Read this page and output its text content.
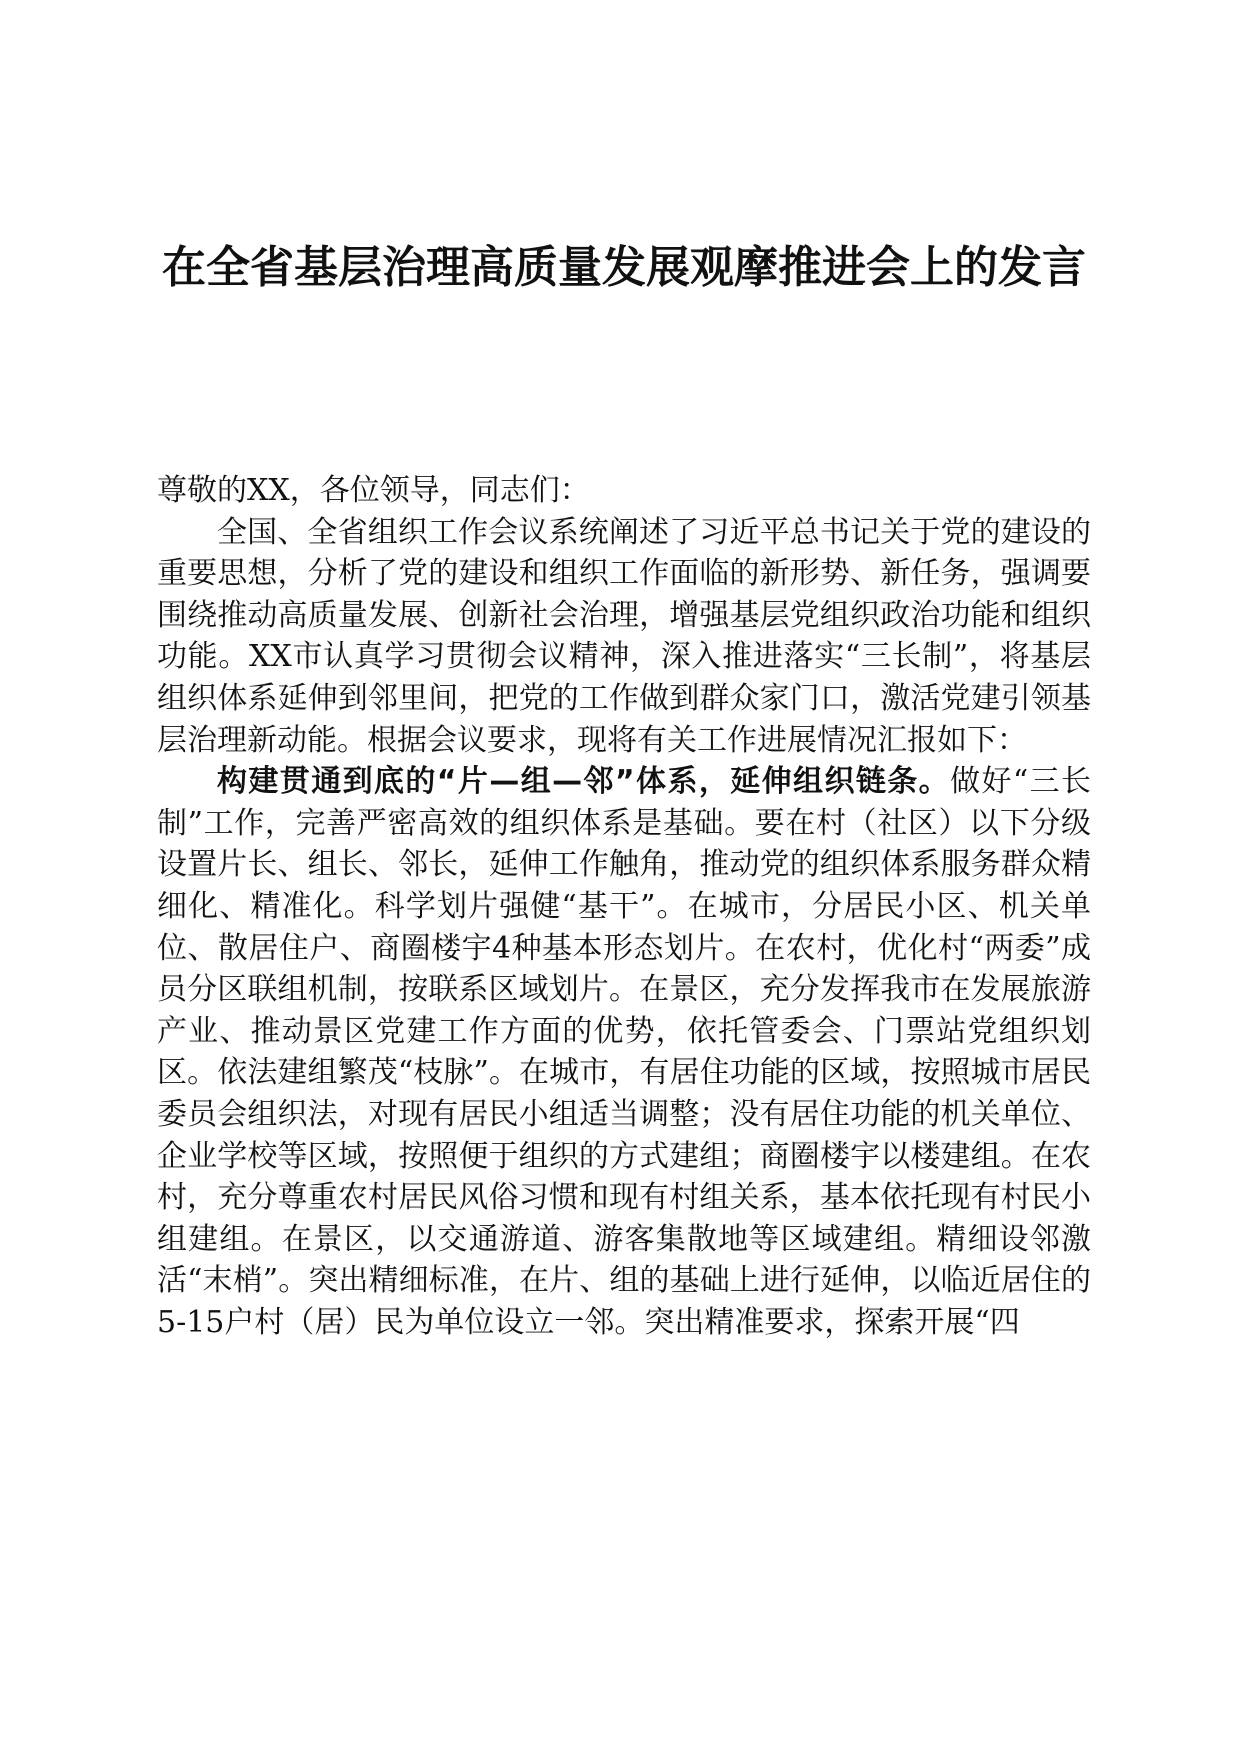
在全省基层治理高质量发展观摩推进会上的发言

尊敬的XX，各位领导，同志们：

全国、全省组织工作会议系统阐述了习近平总书记关于党的建设的重要思想，分析了党的建设和组织工作面临的新形势、新任务，强调要围绕推动高质量发展、创新社会治理，增强基层党组织政治功能和组织功能。XX市认真学习贯彻会议精神，深入推进落实“三长制”，将基层组织体系延伸到邻里间，把党的工作做到群众家门口，激活党建引领基层治理新动能。根据会议要求，现将有关工作进展情况汇报如下：

构建贯通到底的“片—组—邻”体系，延伸组织链条。做好“三长制”工作，完善严密高效的组织体系是基础。要在村（社区）以下分级设置片长、组长、邻长，延伸工作触角，推动党的组织体系服务群众精细化、精准化。科学划片强健“基干”。在城市，分居民小区、机关单位、散居住户、商圈楼宇4种基本形态划片。在农村，优化村“两委”成员分区联组机制，按联系区域划片。在景区，充分发挥我市在发展旅游产业、推动景区党建工作方面的优势，依托管委会、门票站党组织划区。依法建组繁茂“枝脉”。在城市，有居住功能的区域，按照城市居民委员会组织法，对现有居民小组适当调整；没有居住功能的机关单位、企业学校等区域，按照便于组织的方式建组；商圈楼宇以楼建组。在农村，充分尊重农村居民风俗习惯和现有村组关系，基本依托现有村民小组建组。在景区，以交通游道、游客集散地等区域建组。精细设邻激活“末梢”。突出精细标准，在片、组的基础上进行延伸，以临近居住的5-15户村（居）民为单位设立一邻。突出精准要求，探索开展“四
